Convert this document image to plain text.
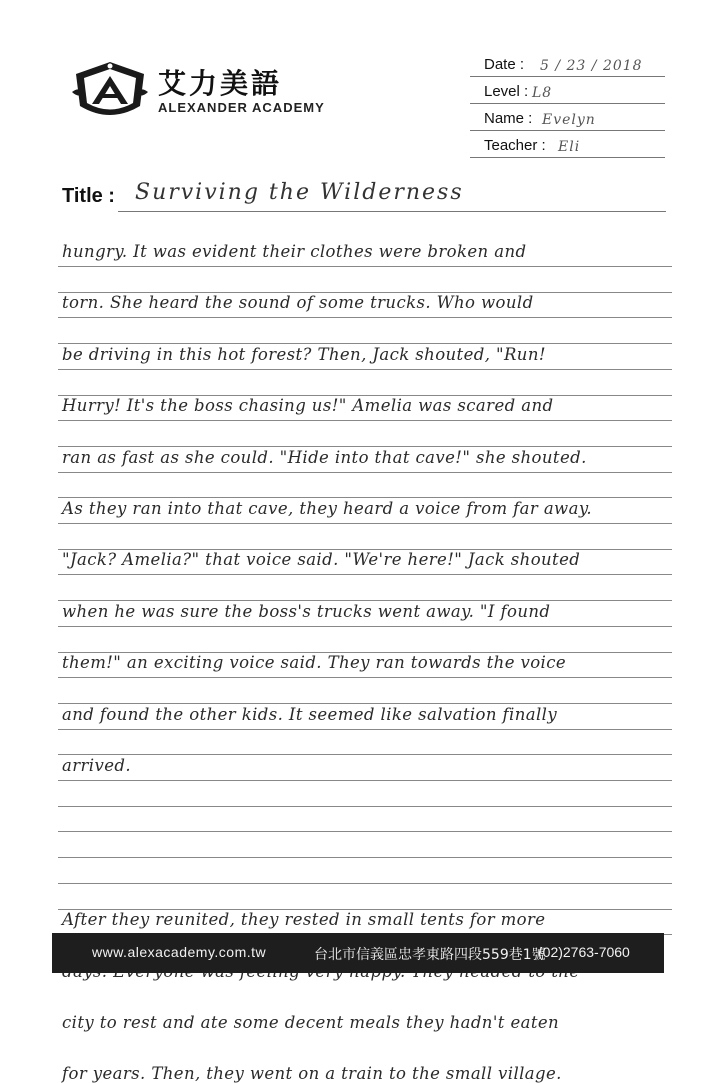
艾力美語
ALEXANDER ACADEMY
Date : 5 / 23 / 2018
Level : L8
Name : Evelyn
Teacher : Eli
Title : Surviving the Wilderness
hungry. It was evident their clothes were broken and
torn. She heard the sound of some trucks. Who would
be driving in this hot forest? Then, Jack shouted, "Run!
Hurry! It's the boss chasing us!" Amelia was scared and
ran as fast as she could. "Hide into that cave!" she shouted.
As they ran into that cave, they heard a voice from far away.
"Jack? Amelia?" that voice said. "We're here!" Jack shouted
when he was sure the boss's trucks went away. "I found
them!" an exciting voice said. They ran towards the voice
and found the other kids. It seemed like salvation finally
arrived.
After they reunited, they rested in small tents for more
city to rest and ate some decent meals they hadn't eaten
for years. Then, they went on a train to the small village.
www.alexacademy.com.tw	台北市信義區忠孝東路四段559巷1號
(02)2763-7060
